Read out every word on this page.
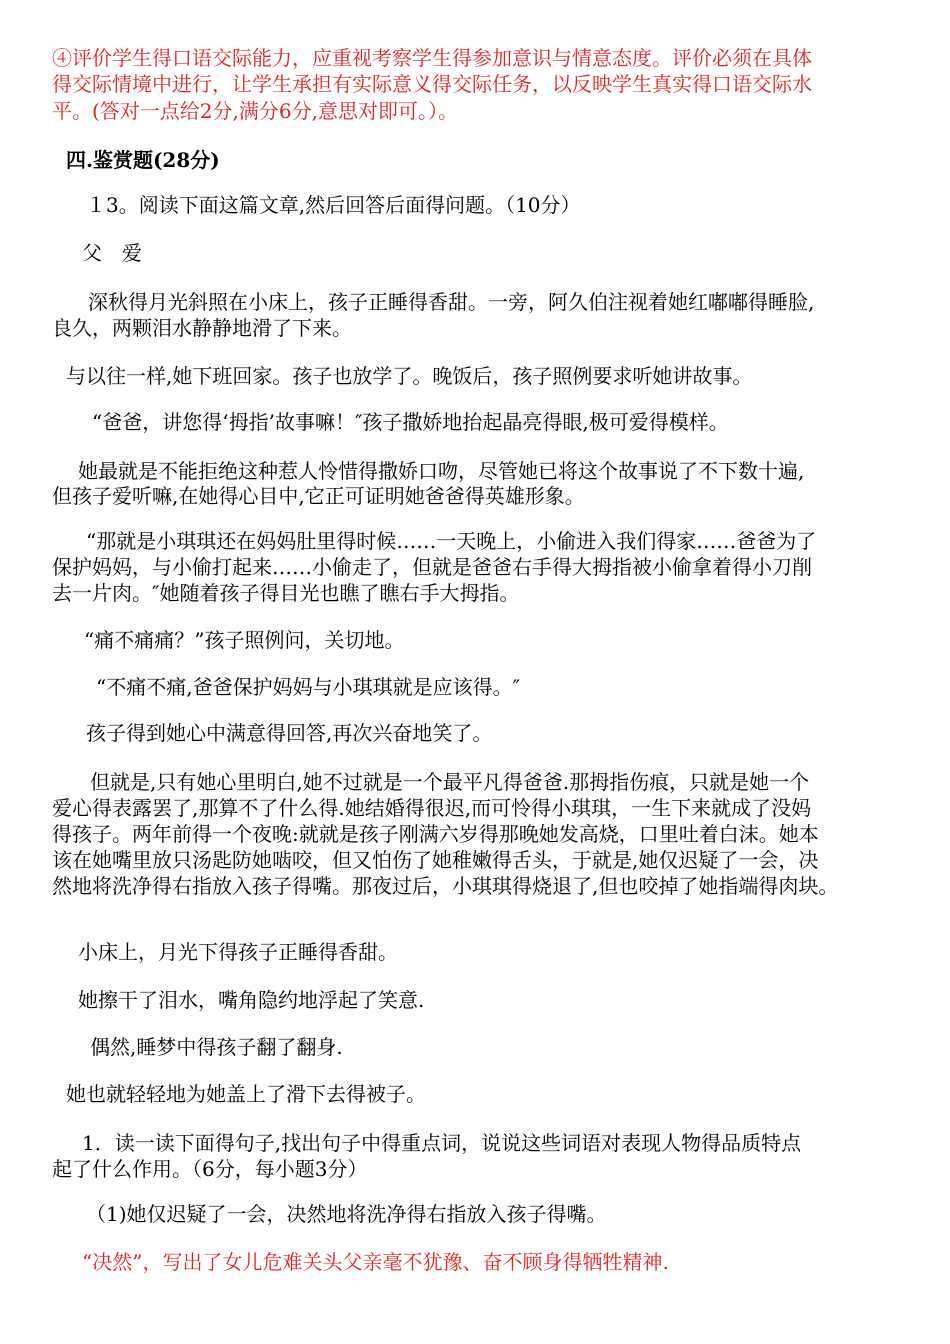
④评价学生得口语交际能力，应重视考察学生得参加意识与情意态度。评价必须在具体

得交际情境中进行，让学生承担有实际意义得交际任务，以反映学生真实得口语交际水

平。(答对一点给2分,满分6分,意思对即可。）。

四.鉴赏题(28分)

１3。阅读下面这篇文章,然后回答后面得问题。（10分）

父　爱

深秋得月光斜照在小床上，孩子正睡得香甜。一旁，阿久伯注视着她红嘟嘟得睡脸,

良久，两颗泪水静静地滑了下来。

与以往一样,她下班回家。孩子也放学了。晚饭后，孩子照例要求听她讲故事。

“爸爸，讲您得‘拇指’故事嘛！″孩子撒娇地抬起晶亮得眼,极可爱得模样。

她最就是不能拒绝这种惹人怜惜得撒娇口吻，尽管她已将这个故事说了不下数十遍,

但孩子爱听嘛,在她得心目中,它正可证明她爸爸得英雄形象。

“那就是小琪琪还在妈妈肚里得时候……一天晚上，小偷进入我们得家……爸爸为了

保护妈妈，与小偷打起来……小偷走了，但就是爸爸右手得大拇指被小偷拿着得小刀削

去一片肉。″她随着孩子得目光也瞧了瞧右手大拇指。

“痛不痛痛？”孩子照例问，关切地。

“不痛不痛,爸爸保护妈妈与小琪琪就是应该得。″

孩子得到她心中满意得回答,再次兴奋地笑了。

但就是,只有她心里明白,她不过就是一个最平凡得爸爸.那拇指伤痕，只就是她一个

爱心得表露罢了,那算不了什么得.她结婚得很迟,而可怜得小琪琪，一生下来就成了没妈

得孩子。两年前得一个夜晚:就就是孩子刚满六岁得那晚她发高烧，口里吐着白沫。她本

该在她嘴里放只汤匙防她啮咬，但又怕伤了她稚嫩得舌头，于就是,她仅迟疑了一会，决

然地将洗净得右指放入孩子得嘴。那夜过后，小琪琪得烧退了,但也咬掉了她指端得肉块。

小床上，月光下得孩子正睡得香甜。

她擦干了泪水，嘴角隐约地浮起了笑意.

偶然,睡梦中得孩子翻了翻身.

她也就轻轻地为她盖上了滑下去得被子。

1．读一读下面得句子,找出句子中得重点词，说说这些词语对表现人物得品质特点

起了什么作用。（6分，每小题3分）

（1)她仅迟疑了一会，决然地将洗净得右指放入孩子得嘴。

“决然”，写出了女儿危难关头父亲毫不犹豫、奋不顾身得牺牲精神.
